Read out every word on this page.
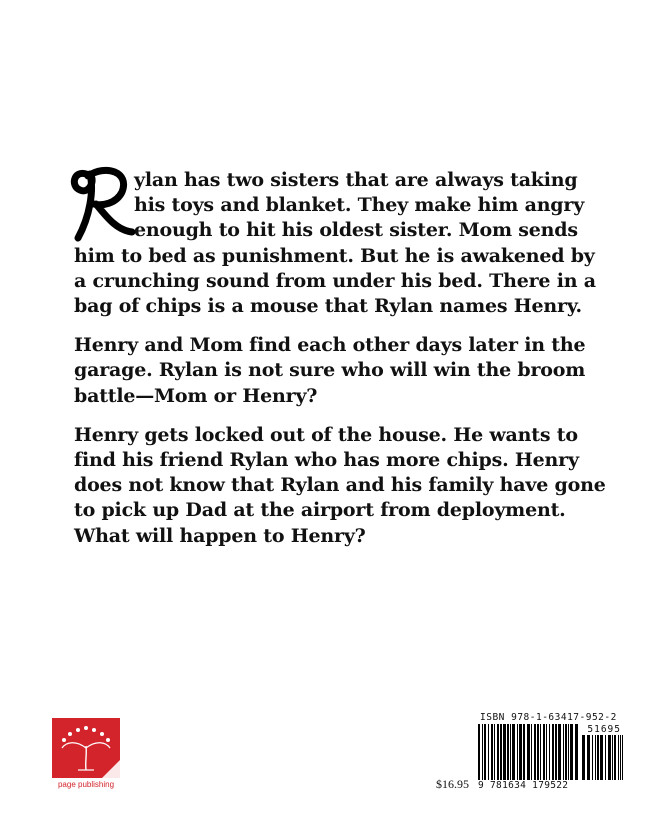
ylan has two sisters that are always taking
his toys and blanket. They make him angry
enough to hit his oldest sister. Mom sends
him to bed as punishment. But he is awakened by
a crunching sound from under his bed. There in a
bag of chips is a mouse that Rylan names Henry.

Henry and Mom find each other days later in the
garage. Rylan is not sure who will win the broom
battle—Mom or Henry?

Henry gets locked out of the house. He wants to
find his friend Rylan who has more chips. Henry
does not know that Rylan and his family have gone
to pick up Dad at the airport from deployment.
What will happen to Henry?

page publishing	$16.95
ISBN 978-1-63417-952-2
51695
9 781634 179522
